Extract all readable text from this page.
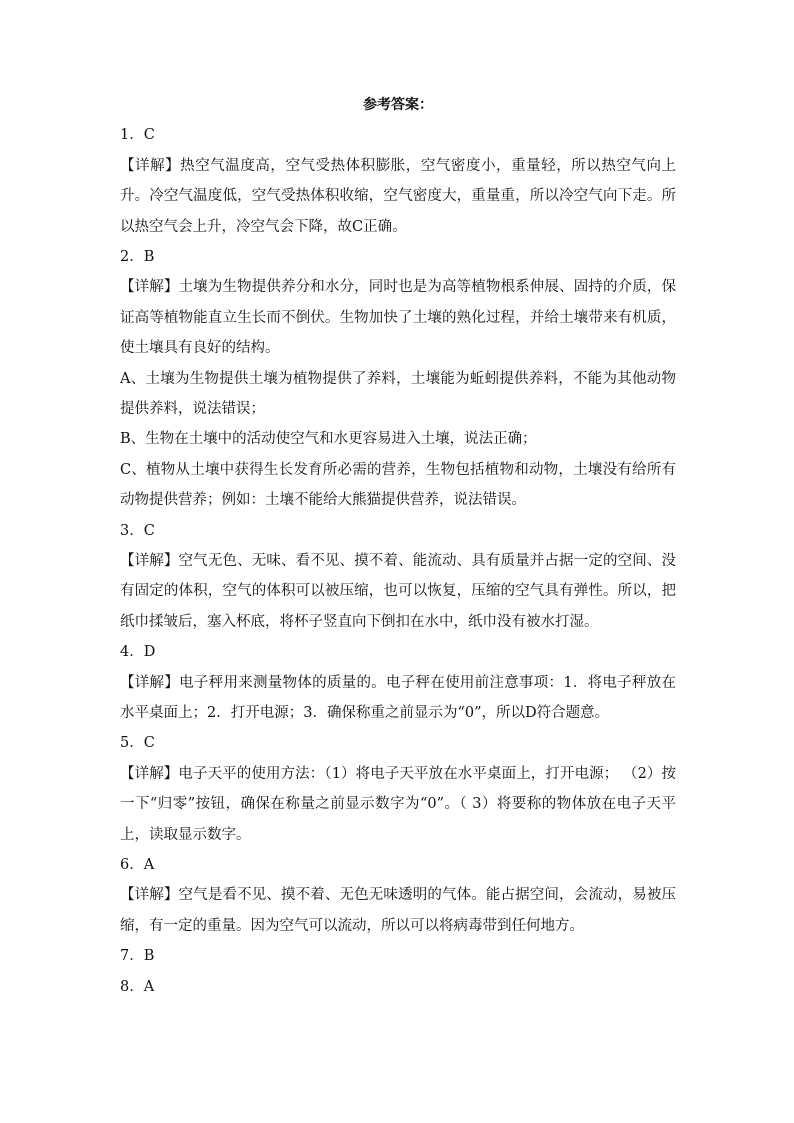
参考答案：
1．C
【详解】热空气温度高，空气受热体积膨胀，空气密度小，重量轻，所以热空气向上升。冷空气温度低，空气受热体积收缩，空气密度大，重量重，所以冷空气向下走。所以热空气会上升，冷空气会下降，故C正确。
2．B
【详解】土壤为生物提供养分和水分，同时也是为高等植物根系伸展、固持的介质，保证高等植物能直立生长而不倒伏。生物加快了土壤的熟化过程，并给土壤带来有机质，使土壤具有良好的结构。
A、土壤为生物提供土壤为植物提供了养料，土壤能为蚯蚓提供养料，不能为其他动物提供养料，说法错误；
B、生物在土壤中的活动使空气和水更容易进入土壤，说法正确；
C、植物从土壤中获得生长发育所必需的营养，生物包括植物和动物，土壤没有给所有动物提供营养；例如：土壤不能给大熊猫提供营养，说法错误。
3．C
【详解】空气无色、无味、看不见、摸不着、能流动、具有质量并占据一定的空间、没有固定的体积，空气的体积可以被压缩，也可以恢复，压缩的空气具有弹性。所以，把纸巾揉皱后，塞入杯底，将杯子竖直向下倒扣在水中，纸巾没有被水打湿。
4．D
【详解】电子秤用来测量物体的质量的。电子秤在使用前注意事项：1．将电子秤放在水平桌面上；2．打开电源；3．确保称重之前显示为“0”，所以D符合题意。
5．C
【详解】电子天平的使用方法：（1）将电子天平放在水平桌面上，打开电源； （2）按一下“归零”按钮，确保在称量之前显示数字为“0”。（ 3）将要称的物体放在电子天平上，读取显示数字。
6．A
【详解】空气是看不见、摸不着、无色无味透明的气体。能占据空间，会流动，易被压缩，有一定的重量。因为空气可以流动，所以可以将病毒带到任何地方。
7．B
8．A
